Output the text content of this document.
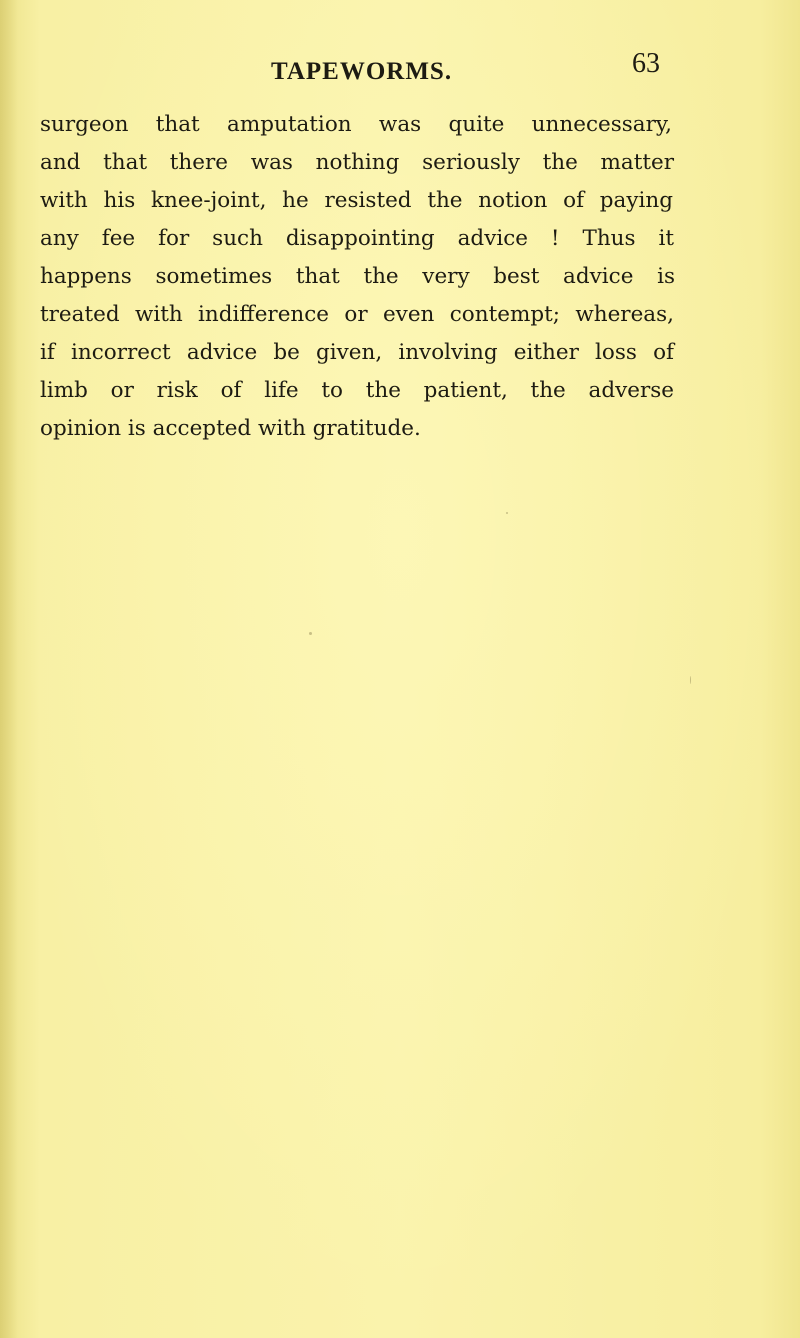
TAPEWORMS.	63
surgeon that amputation was quite unnecessary,
and that there was nothing seriously the matter
with his knee-joint, he resisted the notion of paying
any fee for such disappointing advice ! Thus it
happens sometimes that the very best advice is
treated with indifference or even contempt; whereas,
if incorrect advice be given, involving either loss of
limb or risk of life to the patient, the adverse
opinion is accepted with gratitude.
